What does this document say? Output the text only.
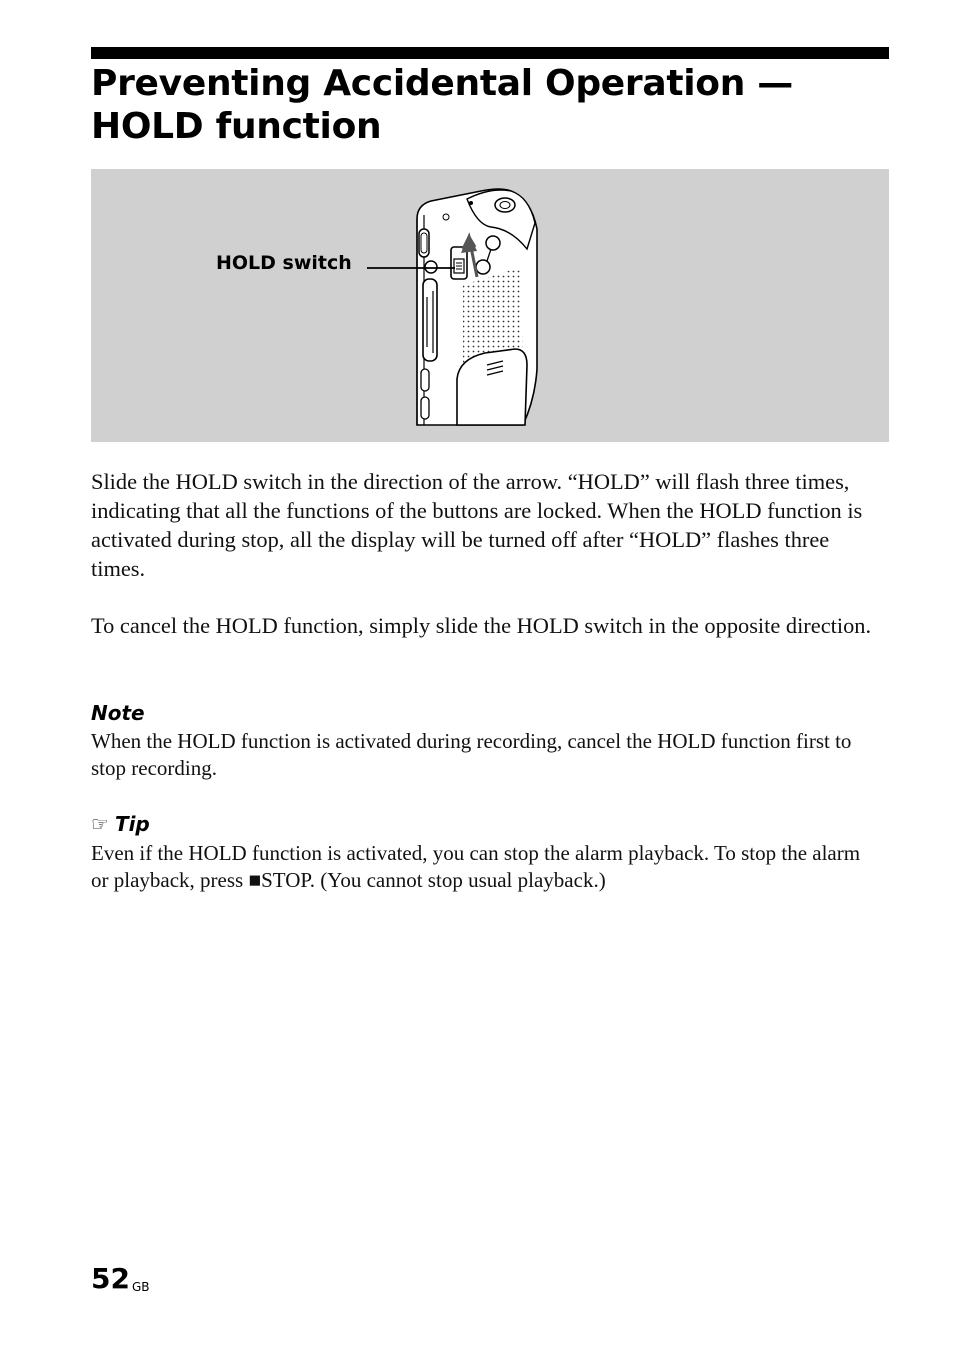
Preventing Accidental Operation — HOLD function
HOLD switch

Slide the HOLD switch in the direction of the arrow. “HOLD” will flash three times, indicating that all the functions of the buttons are locked. When the HOLD function is activated during stop, all the display will be turned off after “HOLD” flashes three times.

To cancel the HOLD function, simply slide the HOLD switch in the opposite direction.

Note

When the HOLD function is activated during recording, cancel the HOLD function first to stop recording.

☞ Tip

Even if the HOLD function is activated, you can stop the alarm playback. To stop the alarm or playback, press ■STOP. (You cannot stop usual playback.)

52 $^{GB}$
